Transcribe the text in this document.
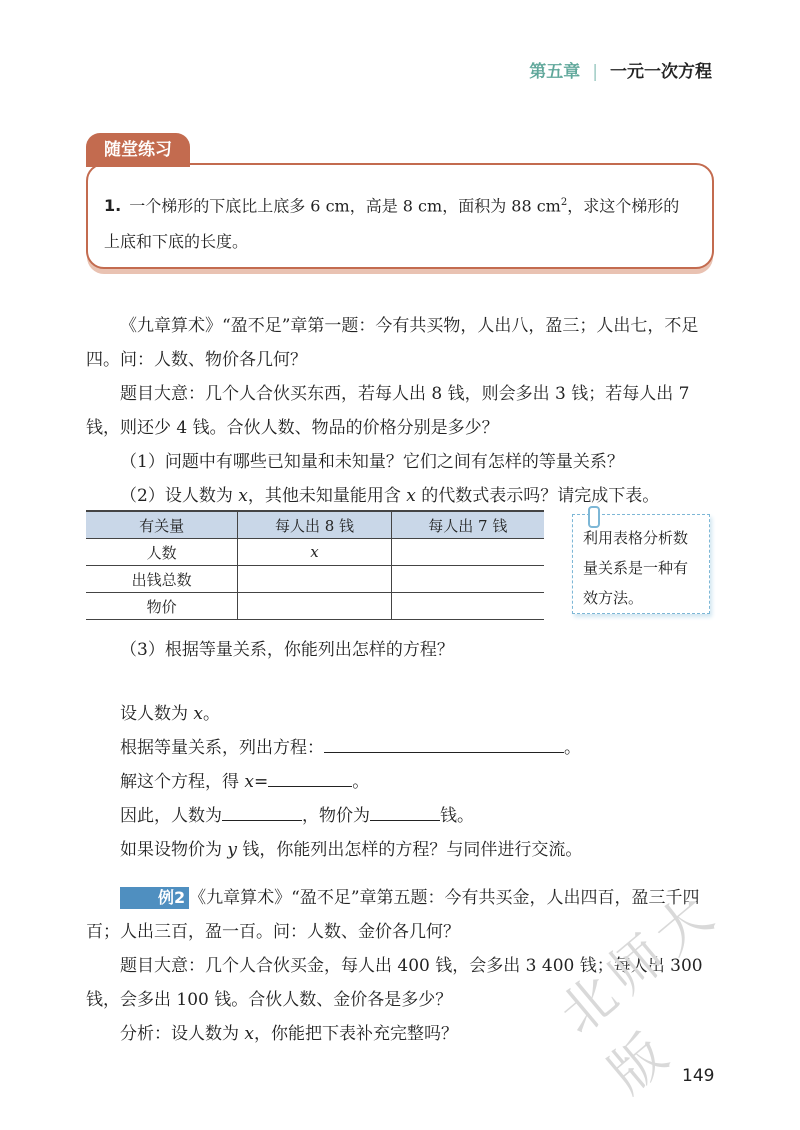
第五章 | 一元一次方程
随堂练习
1. 一个梯形的下底比上底多 6 cm，高是 8 cm，面积为 88 $cm^2$，求这个梯形的上底和下底的长度。
《九章算术》“盈不足”章第一题：今有共买物，人出八，盈三；人出七，不足四。问：人数、物价各几何？
题目大意：几个人合伙买东西，若每人出 8 钱，则会多出 3 钱；若每人出 7 钱，则还少 4 钱。合伙人数、物品的价格分别是多少？
（1）问题中有哪些已知量和未知量？它们之间有怎样的等量关系？
（2）设人数为 x，其他未知量能用含 x 的代数式表示吗？请完成下表。
有关量	每人出 8 钱	每人出 7 钱
人数	x	
出钱总数		
物价		
利用表格分析数量关系是一种有效方法。
（3）根据等量关系，你能列出怎样的方程？
设人数为 x。
根据等量关系，列出方程：	。
解这个方程，得 x=	。
因此，人数为	，物价为	钱。
如果设物价为 y 钱，你能列出怎样的方程？与同伴进行交流。
例2 《九章算术》“盈不足”章第五题：今有共买金，人出四百，盈三千四百；人出三百，盈一百。问：人数、金价各几何？
题目大意：几个人合伙买金，每人出 400 钱，会多出 3 400 钱；每人出 300 钱，会多出 100 钱。合伙人数、金价各是多少？
分析：设人数为 x，你能把下表补充完整吗？	北师大版
149
